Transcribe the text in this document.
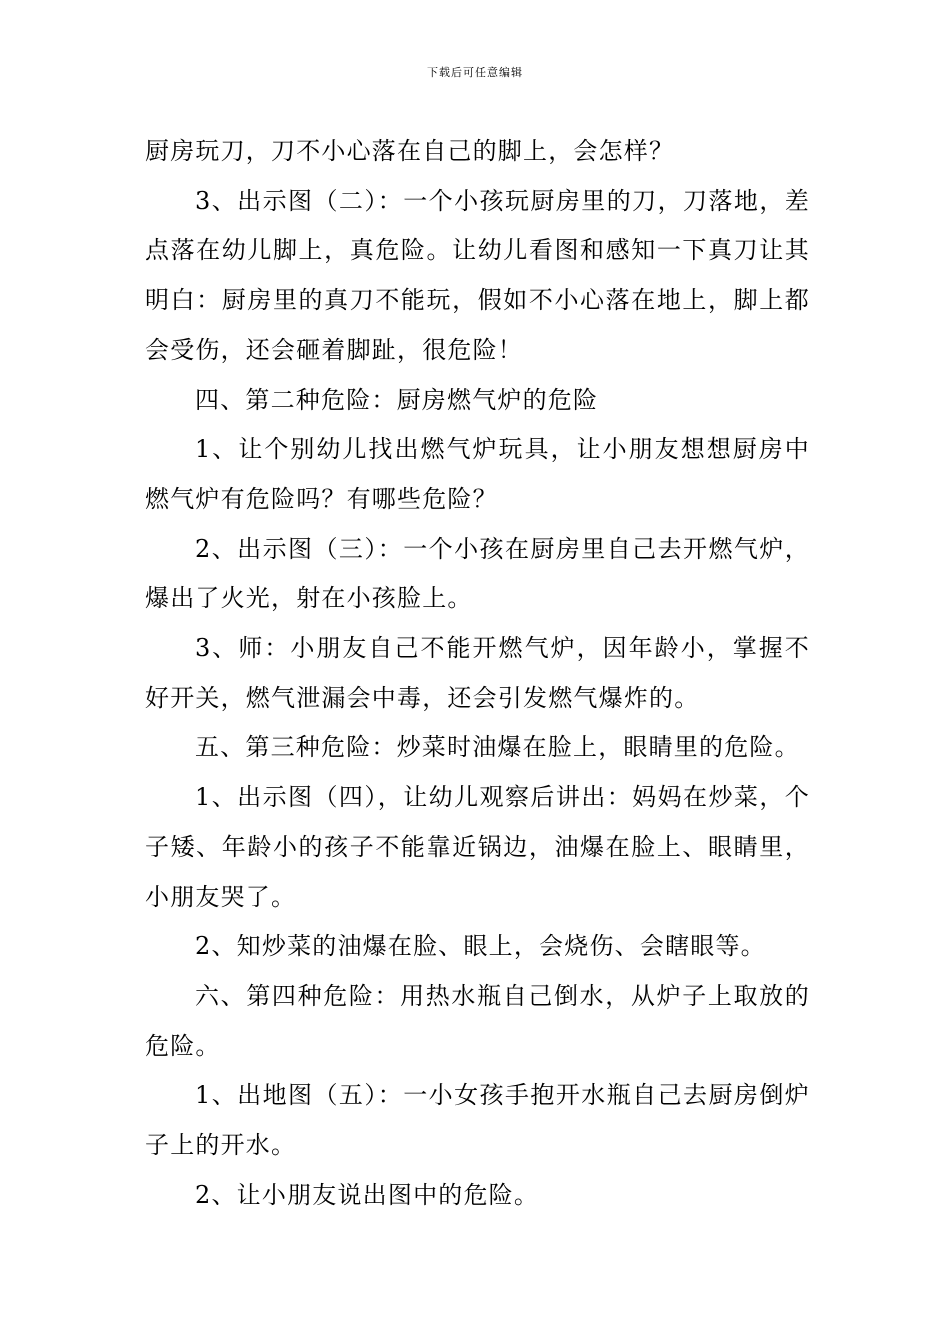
下载后可任意编辑

厨房玩刀，刀不小心落在自己的脚上，会怎样？

3、出示图（二）：一个小孩玩厨房里的刀，刀落地，差点落在幼儿脚上，真危险。让幼儿看图和感知一下真刀让其明白：厨房里的真刀不能玩，假如不小心落在地上，脚上都会受伤，还会砸着脚趾，很危险！

四、第二种危险：厨房燃气炉的危险

1、让个别幼儿找出燃气炉玩具，让小朋友想想厨房中燃气炉有危险吗？有哪些危险？

2、出示图（三）：一个小孩在厨房里自己去开燃气炉，爆出了火光，射在小孩脸上。

3、师：小朋友自己不能开燃气炉，因年龄小，掌握不好开关，燃气泄漏会中毒，还会引发燃气爆炸的。

五、第三种危险：炒菜时油爆在脸上，眼睛里的危险。

1、出示图（四），让幼儿观察后讲出：妈妈在炒菜，个子矮、年龄小的孩子不能靠近锅边，油爆在脸上、眼睛里，小朋友哭了。

2、知炒菜的油爆在脸、眼上，会烧伤、会瞎眼等。

六、第四种危险：用热水瓶自己倒水，从炉子上取放的危险。

1、出地图（五）：一小女孩手抱开水瓶自己去厨房倒炉子上的开水。

2、让小朋友说出图中的危险。
